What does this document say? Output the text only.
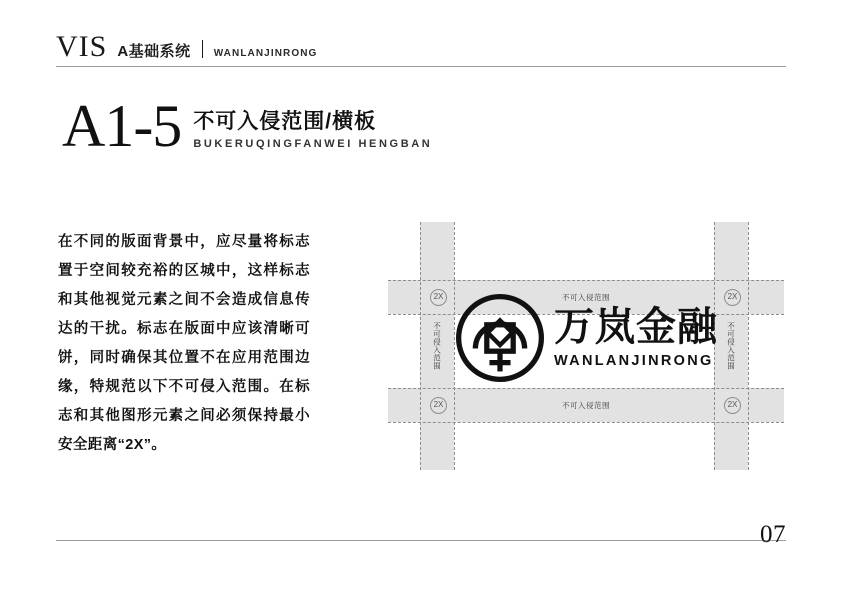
VIS A基础系统 WANLANJINRONG
A1-5 不可入侵范围/横板
BUKERUQINGFANWEI HENGBAN
在不同的版面背景中，应尽量将标志置于空间较充裕的区城中，这样标志和其他视觉元素之间不会造成信息传达的干扰。标志在版面中应该清晰可饼，同时确保其位置不在应用范围边缘，特规范以下不可侵入范围。在标志和其他图形元素之间必须保持最小安全距离“2X”。
不可入侵范围
不可入侵范围
不可侵入范围	不可侵入范围
2X	2X
2X	2X
万岚金融
WANLANJINRONG
07
